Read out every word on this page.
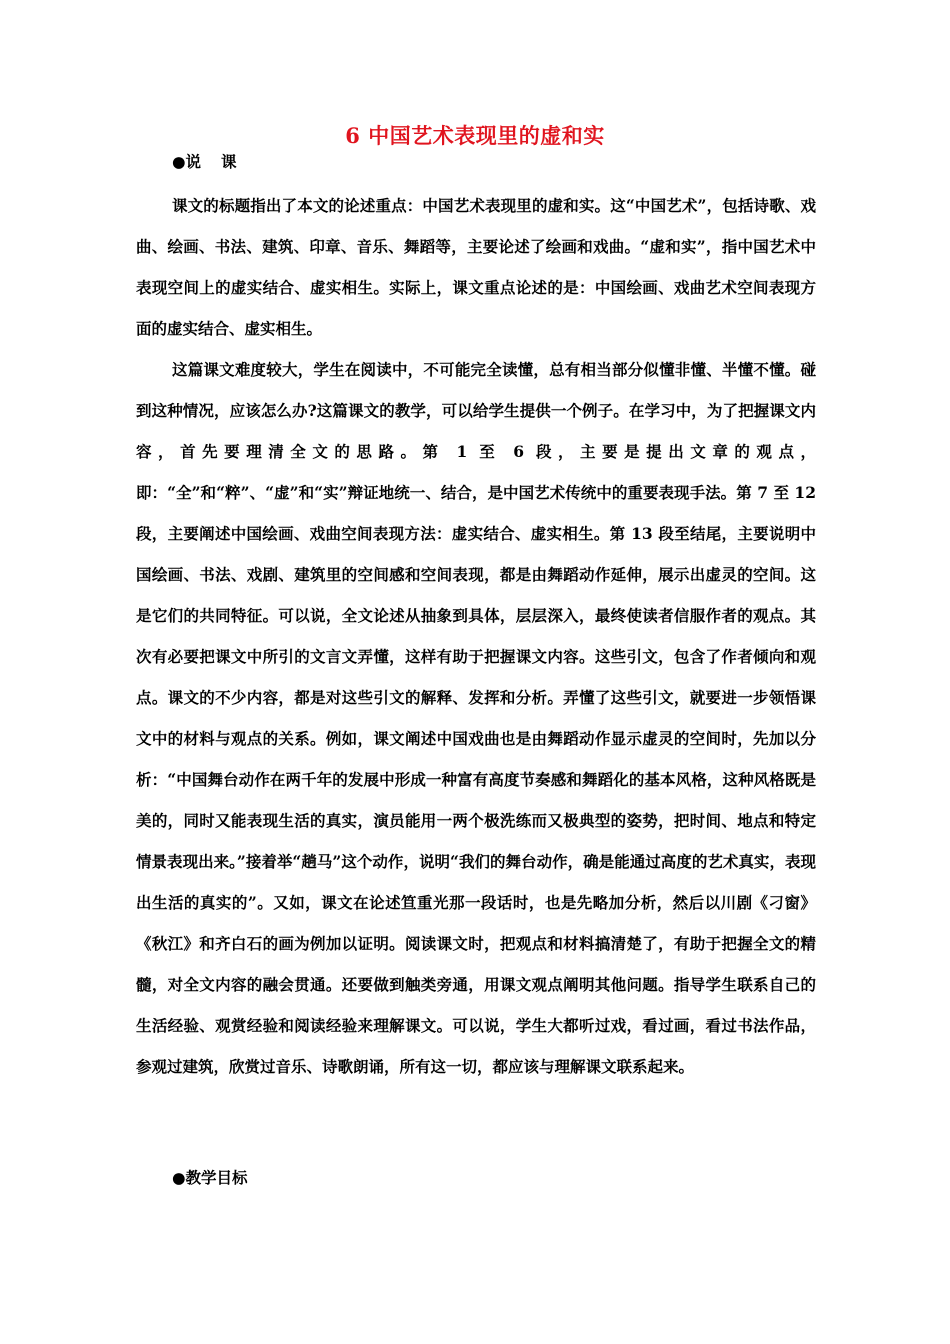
6 中国艺术表现里的虚和实
●说 课

课文的标题指出了本文的论述重点：中国艺术表现里的虚和实。这“中国艺术”，包括诗歌、戏曲、绘画、书法、建筑、印章、音乐、舞蹈等，主要论述了绘画和戏曲。“虚和实”，指中国艺术中表现空间上的虚实结合、虚实相生。实际上，课文重点论述的是：中国绘画、戏曲艺术空间表现方面的虚实结合、虚实相生。

这篇课文难度较大，学生在阅读中，不可能完全读懂，总有相当部分似懂非懂、半懂不懂。碰到这种情况，应该怎么办?这篇课文的教学，可以给学生提供一个例子。在学习中，为了把握课文内容，首先要理清全文的思路。第 1 至 6 段，主要是提出文章的观点，即：“全”和“粹”、“虚”和“实”辩证地统一、结合，是中国艺术传统中的重要表现手法。第 7 至 12 段，主要阐述中国绘画、戏曲空间表现方法：虚实结合、虚实相生。第 13 段至结尾，主要说明中国绘画、书法、戏剧、建筑里的空间感和空间表现，都是由舞蹈动作延伸，展示出虚灵的空间。这是它们的共同特征。可以说，全文论述从抽象到具体，层层深入，最终使读者信服作者的观点。其次有必要把课文中所引的文言文弄懂，这样有助于把握课文内容。这些引文，包含了作者倾向和观点。课文的不少内容，都是对这些引文的解释、发挥和分析。弄懂了这些引文，就要进一步领悟课文中的材料与观点的关系。例如，课文阐述中国戏曲也是由舞蹈动作显示虚灵的空间时，先加以分析：“中国舞台动作在两千年的发展中形成一种富有高度节奏感和舞蹈化的基本风格，这种风格既是美的，同时又能表现生活的真实，演员能用一两个极洗练而又极典型的姿势，把时间、地点和特定情景表现出来。”接着举“趟马”这个动作，说明“我们的舞台动作，确是能通过高度的艺术真实，表现出生活的真实的”。又如，课文在论述笪重光那一段话时，也是先略加分析，然后以川剧《刁窗》《秋江》和齐白石的画为例加以证明。阅读课文时，把观点和材料搞清楚了，有助于把握全文的精髓，对全文内容的融会贯通。还要做到触类旁通，用课文观点阐明其他问题。指导学生联系自己的生活经验、观赏经验和阅读经验来理解课文。可以说，学生大都听过戏，看过画，看过书法作品，参观过建筑，欣赏过音乐、诗歌朗诵，所有这一切，都应该与理解课文联系起来。

●教学目标
